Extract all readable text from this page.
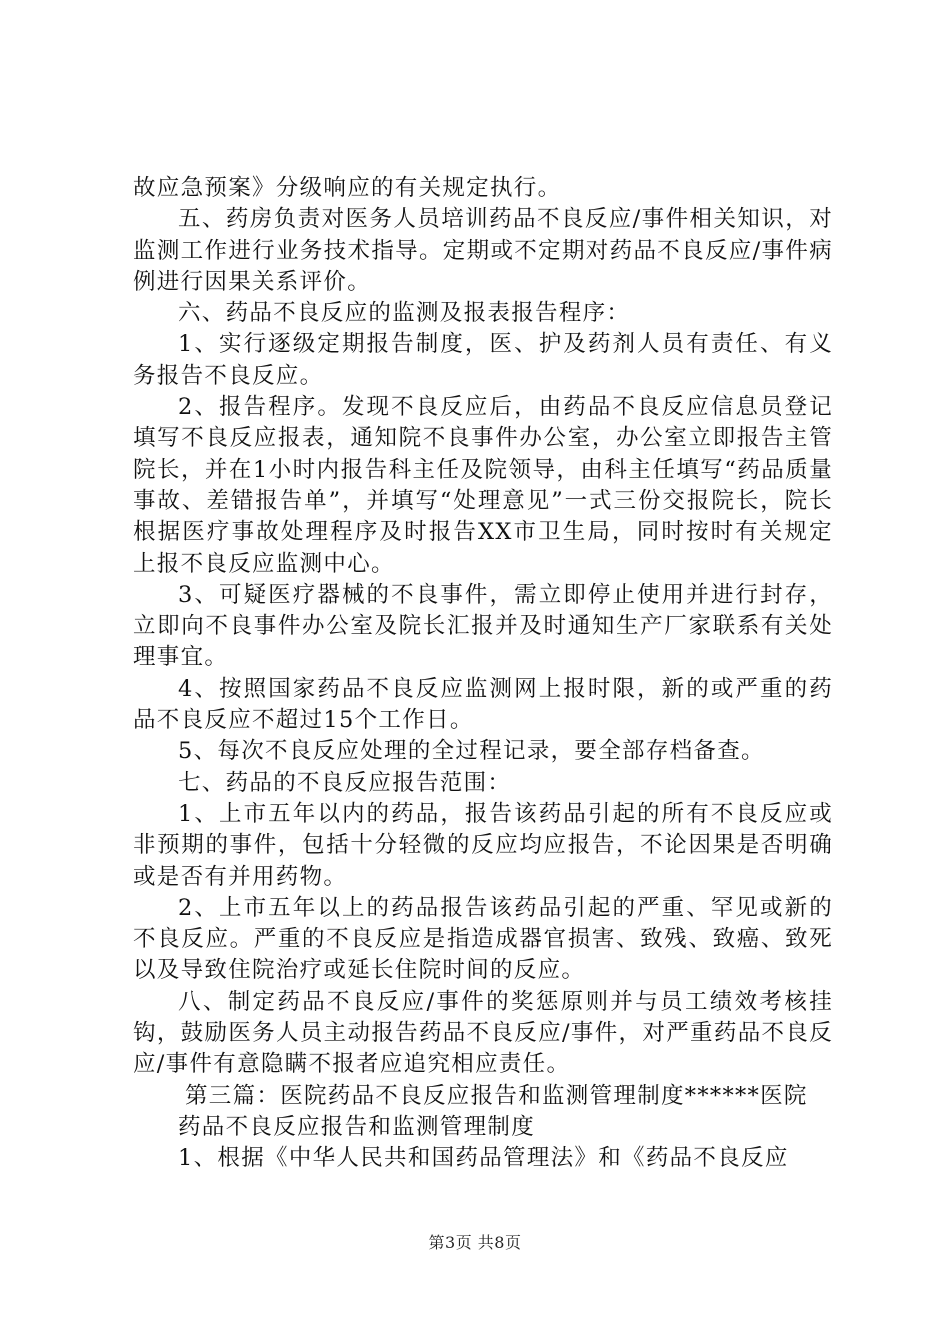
故应急预案》分级响应的有关规定执行。

五、药房负责对医务人员培训药品不良反应/事件相关知识，对监测工作进行业务技术指导。定期或不定期对药品不良反应/事件病例进行因果关系评价。

六、药品不良反应的监测及报表报告程序：

1、实行逐级定期报告制度，医、护及药剂人员有责任、有义务报告不良反应。

2、报告程序。发现不良反应后，由药品不良反应信息员登记填写不良反应报表，通知院不良事件办公室，办公室立即报告主管院长，并在1小时内报告科主任及院领导，由科主任填写“药品质量事故、差错报告单”，并填写“处理意见”一式三份交报院长，院长根据医疗事故处理程序及时报告XX市卫生局，同时按时有关规定上报不良反应监测中心。

3、可疑医疗器械的不良事件，需立即停止使用并进行封存，立即向不良事件办公室及院长汇报并及时通知生产厂家联系有关处理事宜。

4、按照国家药品不良反应监测网上报时限，新的或严重的药品不良反应不超过15个工作日。

5、每次不良反应处理的全过程记录，要全部存档备查。

七、药品的不良反应报告范围：

1、上市五年以内的药品，报告该药品引起的所有不良反应或非预期的事件，包括十分轻微的反应均应报告，不论因果是否明确或是否有并用药物。

2、上市五年以上的药品报告该药品引起的严重、罕见或新的不良反应。严重的不良反应是指造成器官损害、致残、致癌、致死以及导致住院治疗或延长住院时间的反应。

八、制定药品不良反应/事件的奖惩原则并与员工绩效考核挂钩，鼓励医务人员主动报告药品不良反应/事件，对严重药品不良反应/事件有意隐瞒不报者应追究相应责任。

第三篇：医院药品不良反应报告和监测管理制度******医院

药品不良反应报告和监测管理制度

1、根据《中华人民共和国药品管理法》和《药品不良反应

第3页 共8页
